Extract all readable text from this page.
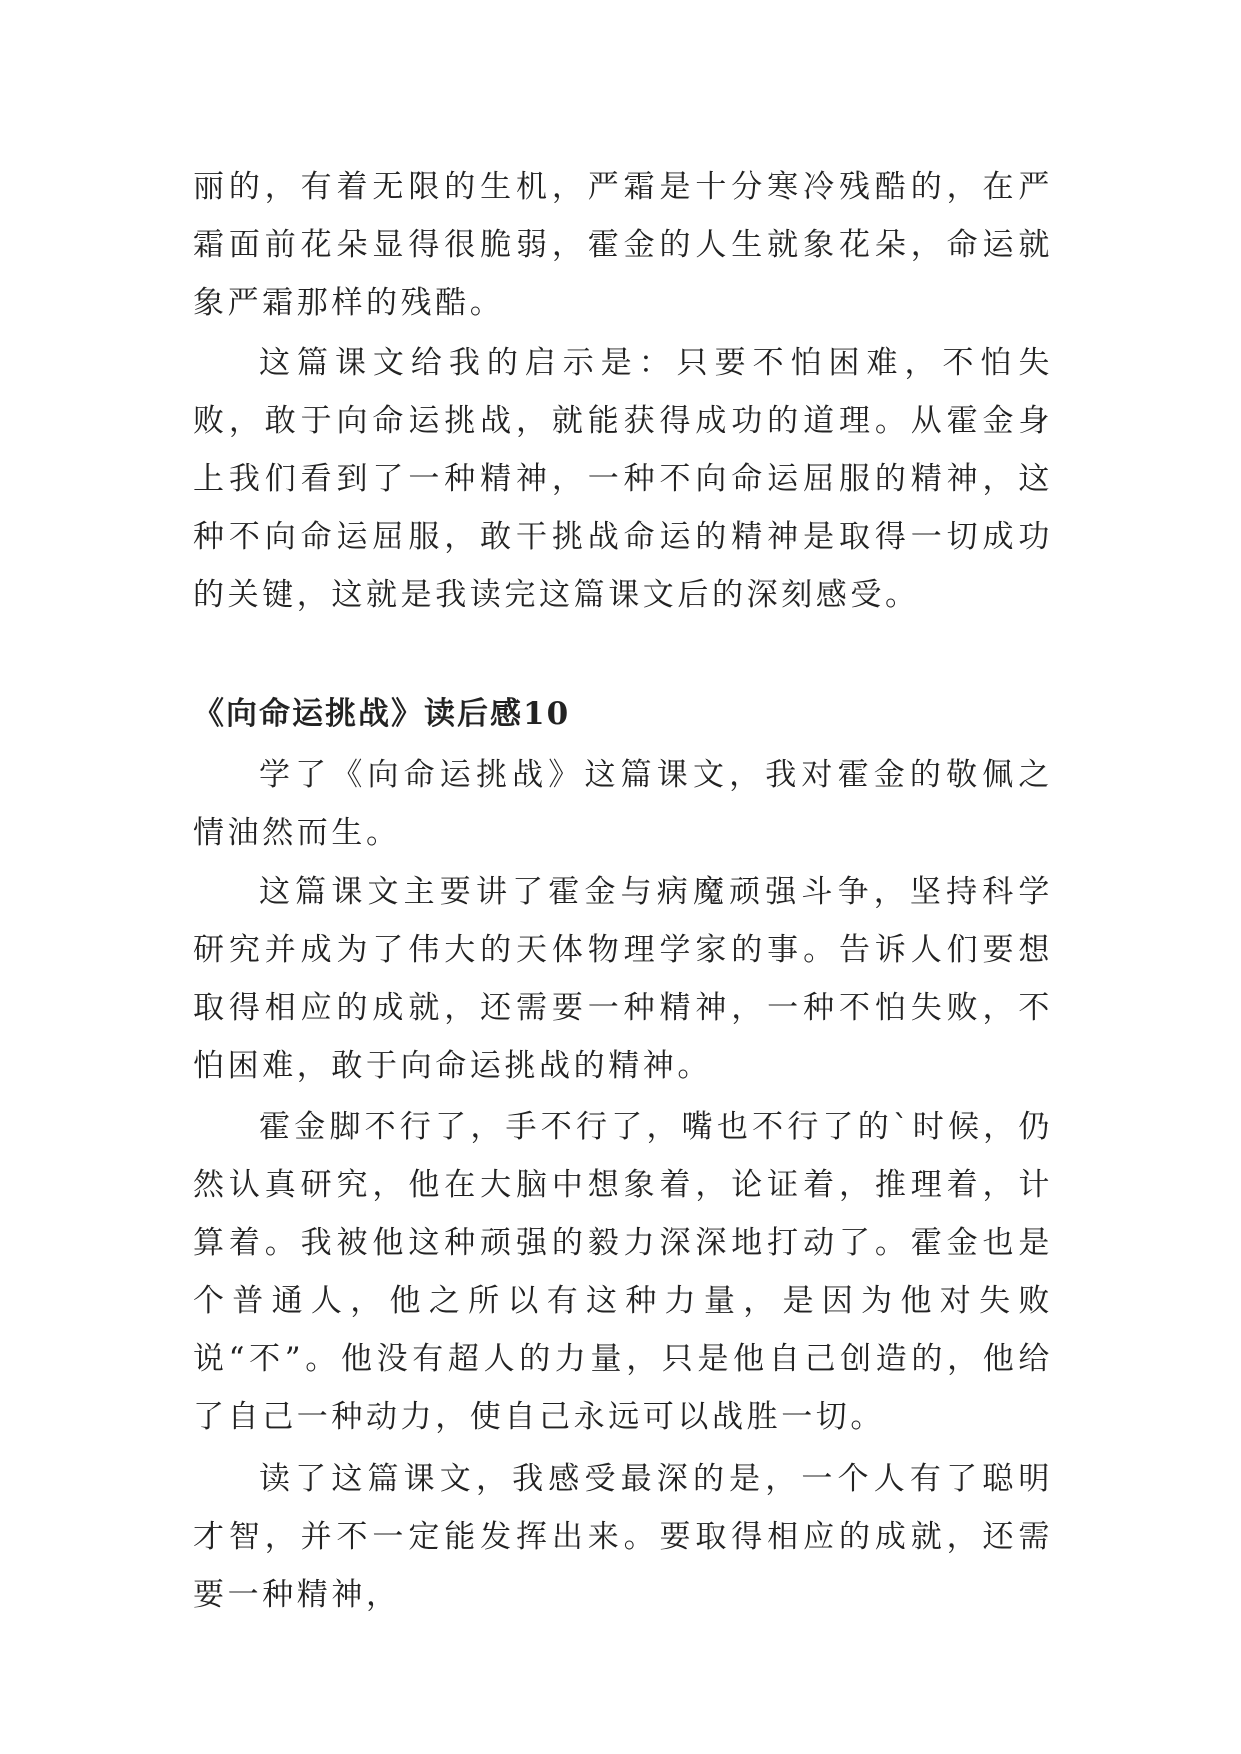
丽的，有着无限的生机，严霜是十分寒冷残酷的，在严霜面前花朵显得很脆弱，霍金的人生就象花朵，命运就象严霜那样的残酷。

这篇课文给我的启示是：只要不怕困难，不怕失败，敢于向命运挑战，就能获得成功的道理。从霍金身上我们看到了一种精神，一种不向命运屈服的精神，这种不向命运屈服，敢干挑战命运的精神是取得一切成功的关键，这就是我读完这篇课文后的深刻感受。

《向命运挑战》读后感10

学了《向命运挑战》这篇课文，我对霍金的敬佩之情油然而生。

这篇课文主要讲了霍金与病魔顽强斗争，坚持科学研究并成为了伟大的天体物理学家的事。告诉人们要想取得相应的成就，还需要一种精神，一种不怕失败，不怕困难，敢于向命运挑战的精神。

霍金脚不行了，手不行了，嘴也不行了的`时候，仍然认真研究，他在大脑中想象着，论证着，推理着，计算着。我被他这种顽强的毅力深深地打动了。霍金也是个普通人，他之所以有这种力量，是因为他对失败说“不”。他没有超人的力量，只是他自己创造的，他给了自己一种动力，使自己永远可以战胜一切。

读了这篇课文，我感受最深的是，一个人有了聪明才智，并不一定能发挥出来。要取得相应的成就，还需要一种精神，
